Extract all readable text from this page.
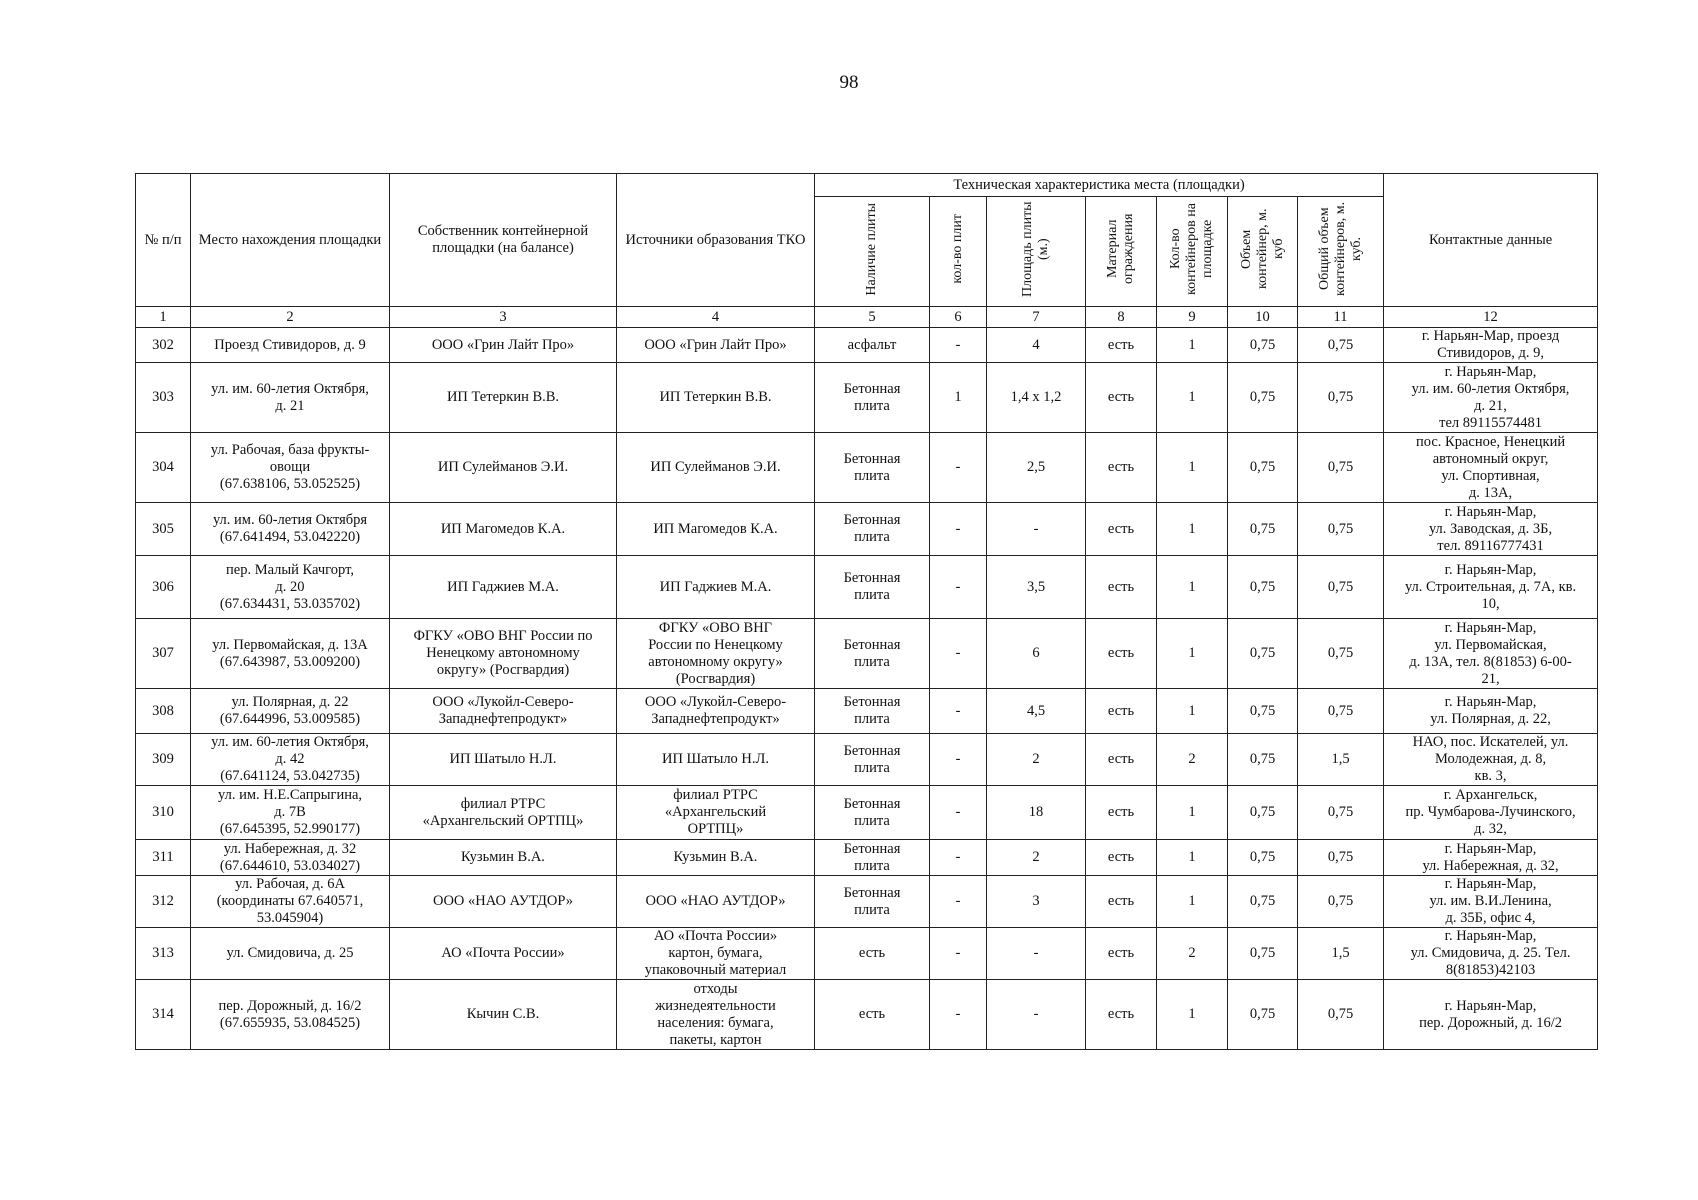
98
№ п/п	Место нахождения площадки	Собственник контейнерной площадки (на балансе)	Источники образования ТКО	Техническая характеристика места (площадки)							Контактные данные
				Наличие плиты	кол-во плит	Площадь плиты (м.)	Материал ограждения	Кол-во контейнеров на площадке	Объем контейнер, м. куб	Общий объем контейнеров, м. куб.	
1	2	3	4	5	6	7	8	9	10	11	12
302	Проезд Стивидоров, д. 9	ООО «Грин Лайт Про»	ООО «Грин Лайт Про»	асфальт	-	4	есть	1	0,75	0,75	г. Нарьян-Мар, проезд
Стивидоров, д. 9,

303	ул. им. 60-летия Октября,
д. 21	ИП Тетеркин В.В.	ИП Тетеркин В.В.	Бетонная
плита	1	1,4 х 1,2	есть	1	0,75	0,75	г. Нарьян-Мар,
ул. им. 60-летия Октября,
д. 21,
тел 89115574481

304	ул. Рабочая, база фрукты-
овощи
(67.638106, 53.052525)	ИП Сулейманов Э.И.	ИП Сулейманов Э.И.	Бетонная
плита	-	2,5	есть	1	0,75	0,75	пос. Красное, Ненецкий
автономный округ,
ул. Спортивная,
д. 13А,

305	ул. им. 60-летия Октября
(67.641494, 53.042220)	ИП Магомедов К.А.	ИП Магомедов К.А.	Бетонная
плита	-	-	есть	1	0,75	0,75	г. Нарьян-Мар,
ул. Заводская, д. 3Б,
тел. 89116777431

306	пер. Малый Качгорт,
д. 20
(67.634431, 53.035702)	ИП Гаджиев М.А.	ИП Гаджиев М.А.	Бетонная
плита	-	3,5	есть	1	0,75	0,75	г. Нарьян-Мар,
ул. Строительная, д. 7А, кв.
10,

307	ул. Первомайская, д. 13А
(67.643987, 53.009200)	ФГКУ «ОВО ВНГ России по
Ненецкому автономному
округу» (Росгвардия)	ФГКУ «ОВО ВНГ
России по Ненецкому
автономному округу»
(Росгвардия)	Бетонная
плита	-	6	есть	1	0,75	0,75	г. Нарьян-Мар,
ул. Первомайская,
д. 13А, тел. 8(81853) 6-00-
21,

308	ул. Полярная, д. 22
(67.644996, 53.009585)	ООО «Лукойл-Северо-
Западнефтепродукт»	ООО «Лукойл-Северо-
Западнефтепродукт»	Бетонная
плита	-	4,5	есть	1	0,75	0,75	г. Нарьян-Мар,
ул. Полярная, д. 22,

309	ул. им. 60-летия Октября,
д. 42
(67.641124, 53.042735)	ИП Шатыло Н.Л.	ИП Шатыло Н.Л.	Бетонная
плита	-	2	есть	2	0,75	1,5	НАО, пос. Искателей, ул.
Молодежная, д. 8,
кв. 3,

310	ул. им. Н.Е.Сапрыгина,
д. 7В
(67.645395, 52.990177)	филиал РТРС
«Архангельский ОРТПЦ»	филиал РТРС
«Архангельский
ОРТПЦ»	Бетонная
плита	-	18	есть	1	0,75	0,75	г. Архангельск,
пр. Чумбарова-Лучинского,
д. 32,

311	ул. Набережная, д. 32
(67.644610, 53.034027)	Кузьмин В.А.	Кузьмин В.А.	Бетонная
плита	-	2	есть	1	0,75	0,75	г. Нарьян-Мар,
ул. Набережная, д. 32,

312	ул. Рабочая, д. 6А
(координаты 67.640571,
53.045904)	ООО «НАО АУТДОР»	ООО «НАО АУТДОР»	Бетонная
плита	-	3	есть	1	0,75	0,75	г. Нарьян-Мар,
ул. им. В.И.Ленина,
д. 35Б, офис 4,

313	ул. Смидовича, д. 25	АО «Почта России»	АО «Почта России»
картон, бумага,
упаковочный материал	есть	-	-	есть	2	0,75	1,5	г. Нарьян-Мар,
ул. Смидовича, д. 25. Тел.
8(81853)42103

314	пер. Дорожный, д. 16/2
(67.655935, 53.084525)	Кычин С.В.	отходы
жизнедеятельности
населения: бумага,
пакеты, картон	есть	-	-	есть	1	0,75	0,75	г. Нарьян-Мар,
пер. Дорожный, д. 16/2
